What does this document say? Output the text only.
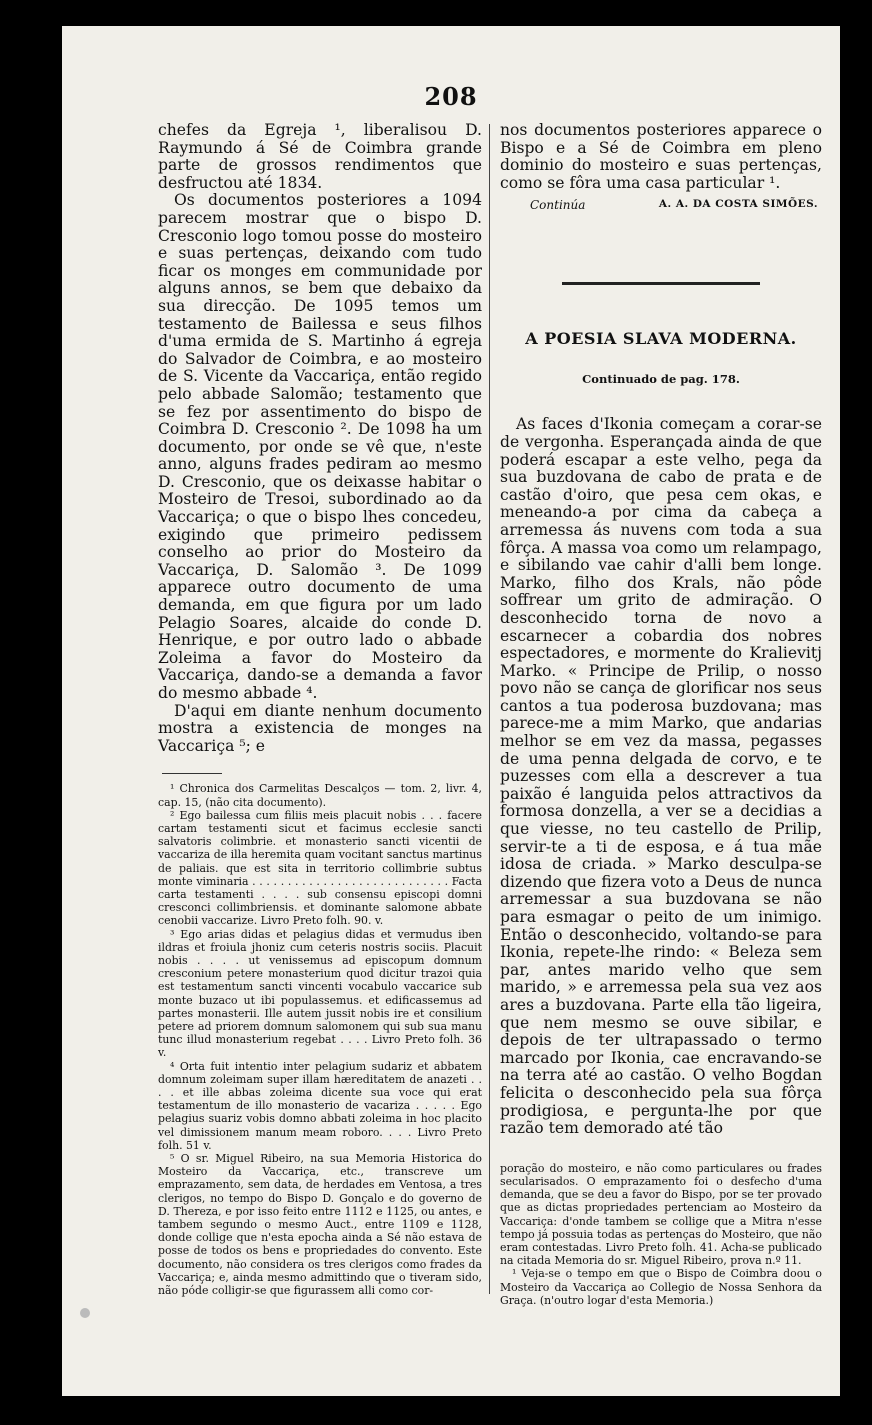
208

chefes da Egreja ¹, liberalisou D. Raymundo á Sé de Coimbra grande parte de grossos rendimentos que desfructou até 1834.

Os documentos posteriores a 1094 parecem mostrar que o bispo D. Cresconio logo tomou posse do mosteiro e suas pertenças, deixando com tudo ficar os monges em communidade por alguns annos, se bem que debaixo da sua direcção. De 1095 temos um testamento de Bailessa e seus filhos d'uma ermida de S. Martinho á egreja do Salvador de Coimbra, e ao mosteiro de S. Vicente da Vaccariça, então regido pelo abbade Salomão; testamento que se fez por assentimento do bispo de Coimbra D. Cresconio ². De 1098 ha um documento, por onde se vê que, n'este anno, alguns frades pediram ao mesmo D. Cresconio, que os deixasse habitar o Mosteiro de Tresoi, subordinado ao da Vaccariça; o que o bispo lhes concedeu, exigindo que primeiro pedissem conselho ao prior do Mosteiro da Vaccariça, D. Salomão ³. De 1099 apparece outro documento de uma demanda, em que figura por um lado Pelagio Soares, alcaide do conde D. Henrique, e por outro lado o abbade Zoleima a favor do Mosteiro da Vaccariça, dando-se a demanda a favor do mesmo abbade ⁴.

D'aqui em diante nenhum documento mostra a existencia de monges na Vaccariça ⁵; e

¹ Chronica dos Carmelitas Descalços — tom. 2, livr. 4, cap. 15, (não cita documento).

² Ego bailessa cum filiis meis placuit nobis . . . facere cartam testamenti sicut et facimus ecclesie sancti salvatoris colimbrie. et monasterio sancti vicentii de vaccariza de illa heremita quam vocitant sanctus martinus de paliais. que est sita in territorio collimbrie subtus monte viminaria . . . . . . . . . . . . . . . . . . . . . . . . . . . . Facta carta testamenti . . . . sub consensu episcopi domni cresconci collimbriensis. et dominante salomone abbate cenobii vaccarize. Livro Preto folh. 90. v.

³ Ego arias didas et pelagius didas et vermudus iben ildras et froiula jhoniz cum ceteris nostris sociis. Placuit nobis . . . . ut venissemus ad episcopum domnum cresconium petere monasterium quod dicitur trazoi quia est testamentum sancti vincenti vocabulo vaccarice sub monte buzaco ut ibi populassemus. et edificassemus ad partes monasterii. Ille autem jussit nobis ire et consilium petere ad priorem domnum salomonem qui sub sua manu tunc illud monasterium regebat . . . . Livro Preto folh. 36 v.

⁴ Orta fuit intentio inter pelagium sudariz et abbatem domnum zoleimam super illam hæreditatem de anazeti . . . . et ille abbas zoleima dicente sua voce qui erat testamentum de illo monasterio de vacariza . . . . . Ego pelagius suariz vobis domno abbati zoleima in hoc placito vel dimissionem manum meam roboro. . . . Livro Preto folh. 51 v.

⁵ O sr. Miguel Ribeiro, na sua Memoria Historica do Mosteiro da Vaccariça, etc., transcreve um emprazamento, sem data, de herdades em Ventosa, a tres clerigos, no tempo do Bispo D. Gonçalo e do governo de D. Thereza, e por isso feito entre 1112 e 1125, ou antes, e tambem segundo o mesmo Auct., entre 1109 e 1128, donde collige que n'esta epocha ainda a Sé não estava de posse de todos os bens e propriedades do convento. Este documento, não considera os tres clerigos como frades da Vaccariça; e, ainda mesmo admittindo que o tiveram sido, não póde colligir-se que figurassem alli como cor-

nos documentos posteriores apparece o Bispo e a Sé de Coimbra em pleno dominio do mosteiro e suas pertenças, como se fôra uma casa particular ¹.

Continúa	A. A. DA COSTA SIMÕES.
A POESIA SLAVA MODERNA.
Continuado de pag. 178.

As faces d'Ikonia começam a corar-se de vergonha. Esperançada ainda de que poderá escapar a este velho, pega da sua buzdovana de cabo de prata e de castão d'oiro, que pesa cem okas, e meneando-a por cima da cabeça a arremessa ás nuvens com toda a sua fôrça. A massa voa como um relampago, e sibilando vae cahir d'alli bem longe. Marko, filho dos Krals, não pôde soffrear um grito de admiração. O desconhecido torna de novo a escarnecer a cobardia dos nobres espectadores, e mormente do Kralievitj Marko. « Principe de Prilip, o nosso povo não se cança de glorificar nos seus cantos a tua poderosa buzdovana; mas parece-me a mim Marko, que andarias melhor se em vez da massa, pegasses de uma penna delgada de corvo, e te puzesses com ella a descrever a tua paixão é languida pelos attractivos da formosa donzella, a ver se a decidias a que viesse, no teu castello de Prilip, servir-te a ti de esposa, e á tua mãe idosa de criada. » Marko desculpa-se dizendo que fizera voto a Deus de nunca arremessar a sua buzdovana se não para esmagar o peito de um inimigo. Então o desconhecido, voltando-se para Ikonia, repete-lhe rindo: « Beleza sem par, antes marido velho que sem marido, » e arremessa pela sua vez aos ares a buzdovana. Parte ella tão ligeira, que nem mesmo se ouve sibilar, e depois de ter ultrapassado o termo marcado por Ikonia, cae encravando-se na terra até ao castão. O velho Bogdan felicita o desconhecido pela sua fôrça prodigiosa, e pergunta-lhe por que razão tem demorado até tão

poração do mosteiro, e não como particulares ou frades secularisados. O emprazamento foi o desfecho d'uma demanda, que se deu a favor do Bispo, por se ter provado que as dictas propriedades pertenciam ao Mosteiro da Vaccariça: d'onde tambem se collige que a Mitra n'esse tempo já possuia todas as pertenças do Mosteiro, que não eram contestadas. Livro Preto folh. 41. Acha-se publicado na citada Memoria do sr. Miguel Ribeiro, prova n.º 11.

¹ Veja-se o tempo em que o Bispo de Coimbra doou o Mosteiro da Vaccariça ao Collegio de Nossa Senhora da Graça. (n'outro logar d'esta Memoria.)
